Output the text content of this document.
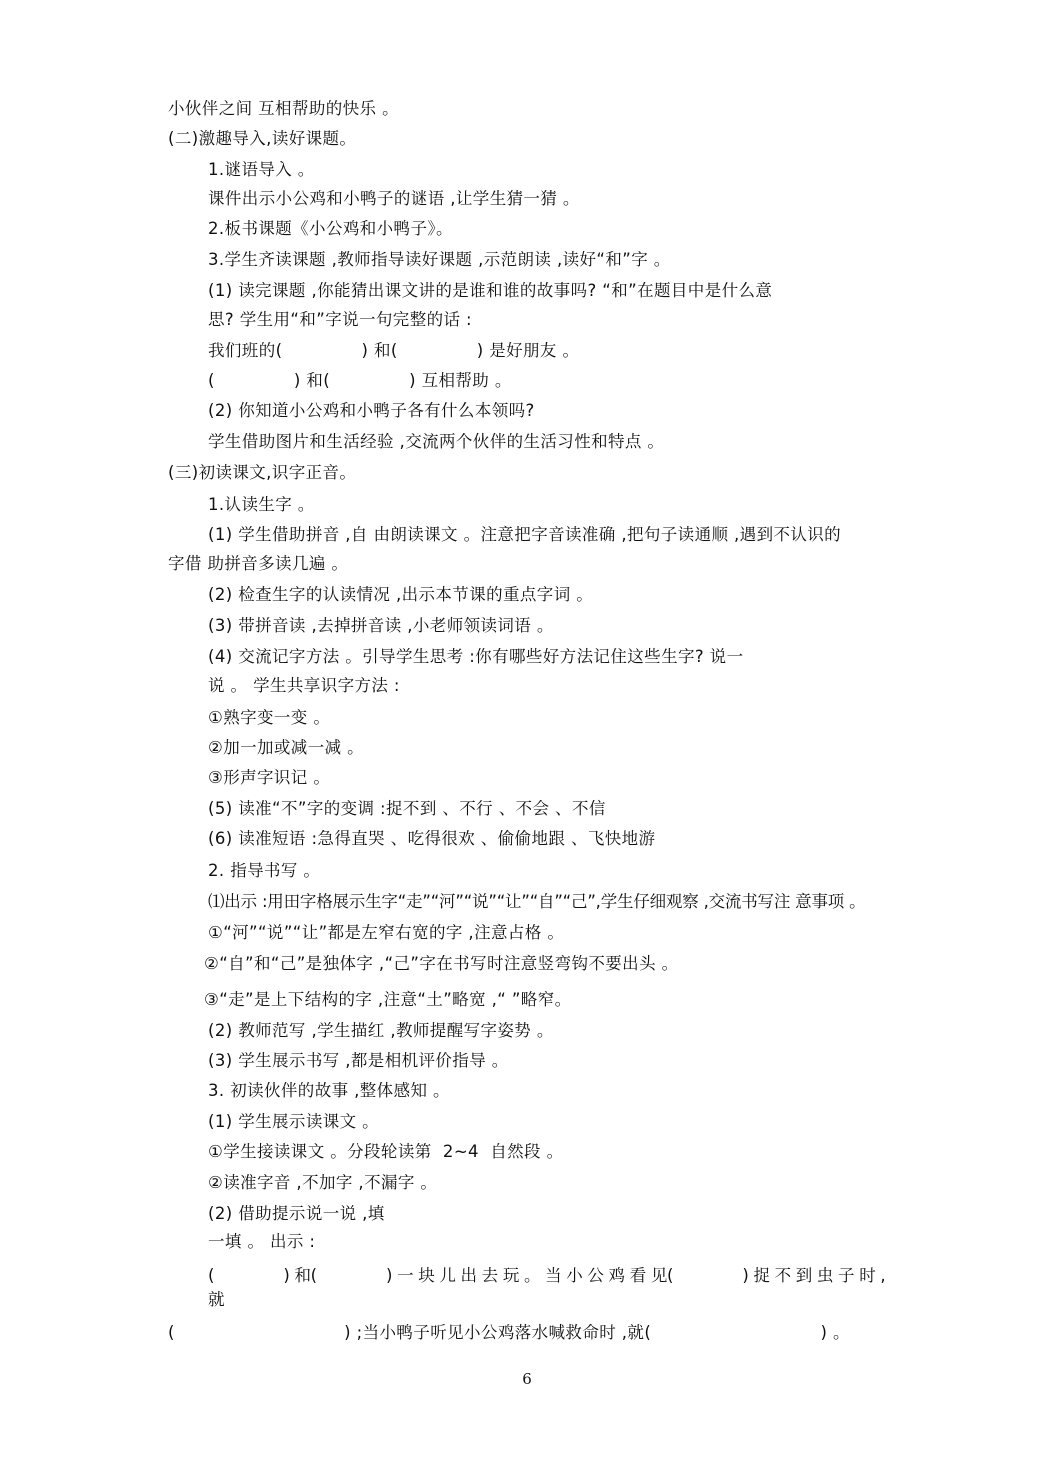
小伙伴之间 互相帮助的快乐 。
(二)激趣导入,读好课题。
1.谜语导入 。
课件出示小公鸡和小鸭子的谜语 ,让学生猜一猜 。
2.板书课题《小公鸡和小鸭子》。
3.学生齐读课题 ,教师指导读好课题 ,示范朗读 ,读好“和”字 。
(1) 读完课题 ,你能猜出课文讲的是谁和谁的故事吗? “和”在题目中是什么意
思? 学生用“和”字说一句完整的话 :
我们班的(              ) 和(              ) 是好朋友 。
(              ) 和(              ) 互相帮助 。
(2) 你知道小公鸡和小鸭子各有什么本领吗?
学生借助图片和生活经验 ,交流两个伙伴的生活习性和特点 。
(三)初读课文,识字正音。
1.认读生字 。
(1) 学生借助拼音 ,自 由朗读课文 。注意把字音读准确 ,把句子读通顺 ,遇到不认识的
字借 助拼音多读几遍 。
(2) 检查生字的认读情况 ,出示本节课的重点字词 。
(3) 带拼音读 ,去掉拼音读 ,小老师领读词语 。
(4) 交流记字方法 。引导学生思考 :你有哪些好方法记住这些生字? 说一
说 。 学生共享识字方法 :
①熟字变一变 。
②加一加或减一减 。
③形声字识记 。
(5) 读准“不”字的变调 :捉不到 、不行 、不会 、不信
(6) 读准短语 :急得直哭 、吃得很欢 、偷偷地跟 、飞快地游
2. 指导书写 。
⑴出示 :用田字格展示生字“走”“河”“说”“让”“自”“己”,学生仔细观察 ,交流书写注 意事项 。
①“河”“说”“让”都是左窄右宽的字 ,注意占格 。
②“自”和“己”是独体字 ,“己”字在书写时注意竖弯钩不要出头 。
③“走”是上下结构的字 ,注意“土”略宽 ,“ ”略窄。
(2) 教师范写 ,学生描红 ,教师提醒写字姿势 。
(3) 学生展示书写 ,都是相机评价指导 。
3. 初读伙伴的故事 ,整体感知 。
(1) 学生展示读课文 。
①学生接读课文 。分段轮读第  2~4  自然段 。
②读准字音 ,不加字 ,不漏字 。
(2) 借助提示说一说 ,填
一填 。 出示 :
(              ) 和(              ) 一 块 儿 出 去 玩 。 当 小 公 鸡 看 见(              ) 捉 不 到 虫 子 时 ,
就
(                              ) ;当小鸭子听见小公鸡落水喊救命时 ,就(                              ) 。
6
